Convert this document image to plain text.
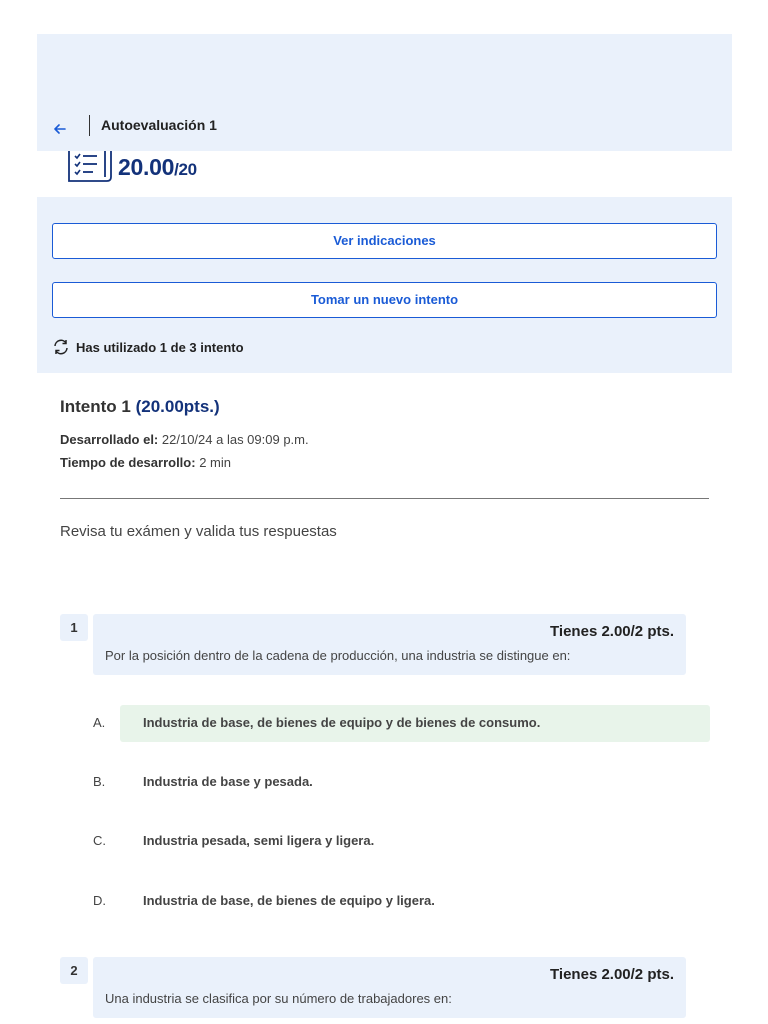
Autoevaluación 1
20.00/20
Ver indicaciones
Tomar un nuevo intento
Has utilizado 1 de 3 intento
Intento 1 (20.00pts.)
Desarrollado el: 22/10/24 a las 09:09 p.m.
Tiempo de desarrollo: 2 min
Revisa tu exámen y valida tus respuestas
1	Tienes 2.00/2 pts.
Por la posición dentro de la cadena de producción, una industria se distingue en:
A.	Industria de base, de bienes de equipo y de bienes de consumo.
B.	Industria de base y pesada.
C.	Industria pesada, semi ligera y ligera.
D.	Industria de base, de bienes de equipo y ligera.
2	Tienes 2.00/2 pts.
Una industria se clasifica por su número de trabajadores en:
